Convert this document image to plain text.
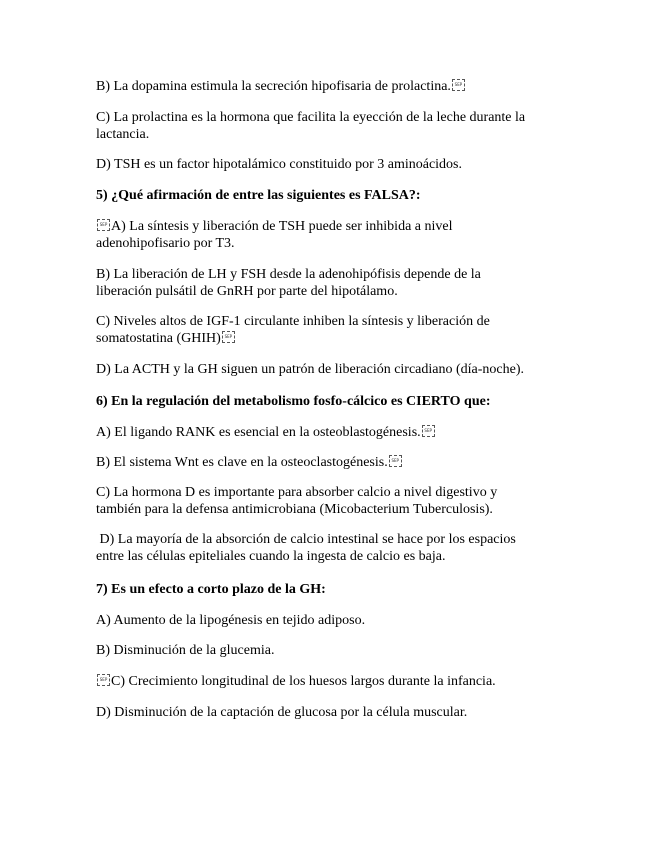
B) La dopamina estimula la secreción hipofisaria de prolactina.SEP
C) La prolactina es la hormona que facilita la eyección de la leche durante la
lactancia.
D) TSH es un factor hipotalámico constituido por 3 aminoácidos.
5) ¿Qué afirmación de entre las siguientes es FALSA?:
SEPA) La síntesis y liberación de TSH puede ser inhibida a nivel
adenohipofisario por T3.
B) La liberación de LH y FSH desde la adenohipófisis depende de la
liberación pulsátil de GnRH por parte del hipotálamo.
C) Niveles altos de IGF-1 circulante inhiben la síntesis y liberación de
somatostatina (GHIH)SEP
D) La ACTH y la GH siguen un patrón de liberación circadiano (día-noche).
6) En la regulación del metabolismo fosfo-cálcico es CIERTO que:
A) El ligando RANK es esencial en la osteoblastogénesis.SEP
B) El sistema Wnt es clave en la osteoclastogénesis.SEP
C) La hormona D es importante para absorber calcio a nivel digestivo y
también para la defensa antimicrobiana (Micobacterium Tuberculosis).
D) La mayoría de la absorción de calcio intestinal se hace por los espacios
entre las células epiteliales cuando la ingesta de calcio es baja.
7) Es un efecto a corto plazo de la GH:
A) Aumento de la lipogénesis en tejido adiposo.
B) Disminución de la glucemia.
SEPC) Crecimiento longitudinal de los huesos largos durante la infancia.
D) Disminución de la captación de glucosa por la célula muscular.
